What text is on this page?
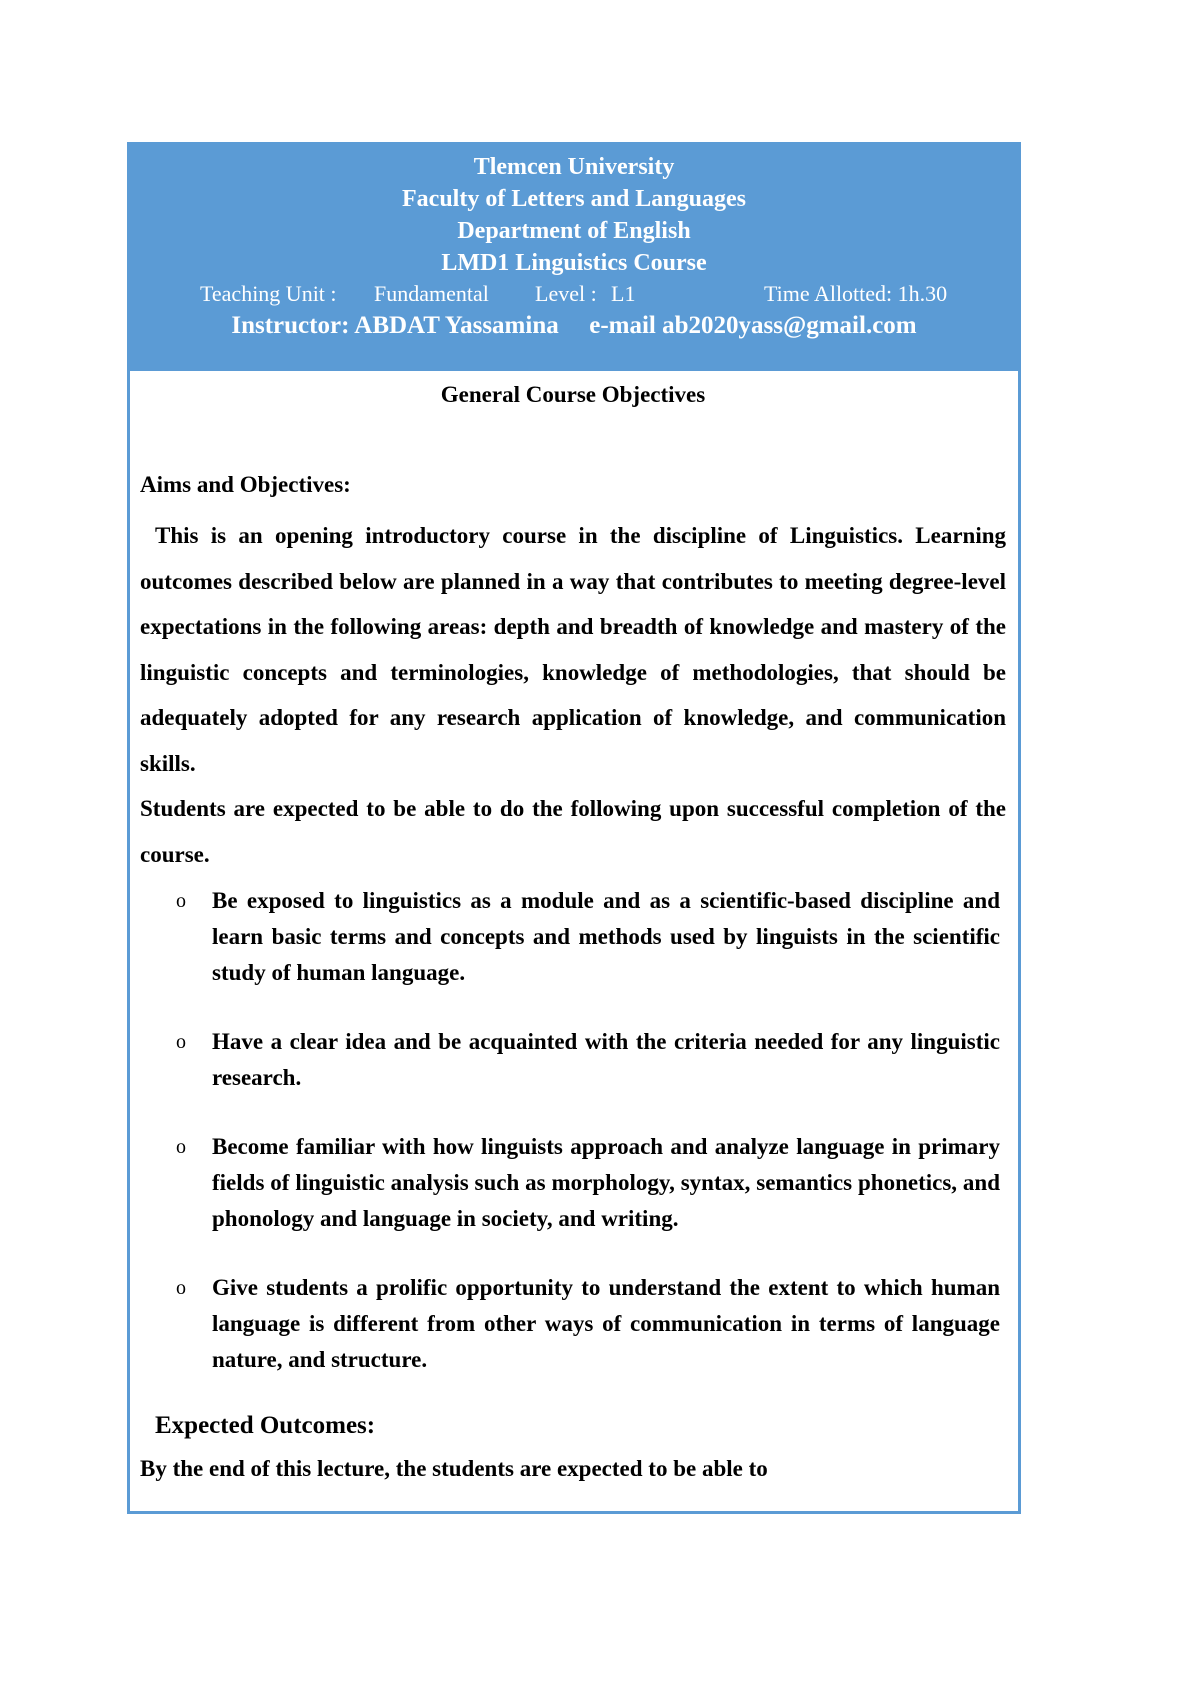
Tlemcen University
Faculty of Letters and Languages
Department of English
LMD1 Linguistics Course
Teaching Unit : Fundamental Level : L1	Time Allotted: 1h.30
Instructor: ABDAT Yassamina e-mail ab2020yass@gmail.com
General Course Objectives
Aims and Objectives:
This is an opening introductory course in the discipline of Linguistics. Learning outcomes described below are planned in a way that contributes to meeting degree-level expectations in the following areas: depth and breadth of knowledge and mastery of the linguistic concepts and terminologies, knowledge of methodologies, that should be adequately adopted for any research application of knowledge, and communication skills.
Students are expected to be able to do the following upon successful completion of the course.
o Be exposed to linguistics as a module and as a scientific-based discipline and learn basic terms and concepts and methods used by linguists in the scientific study of human language.
o Have a clear idea and be acquainted with the criteria needed for any linguistic research.
o Become familiar with how linguists approach and analyze language in primary fields of linguistic analysis such as morphology, syntax, semantics phonetics, and phonology and language in society, and writing.
o Give students a prolific opportunity to understand the extent to which human language is different from other ways of communication in terms of language nature, and structure.
Expected Outcomes:
By the end of this lecture, the students are expected to be able to
